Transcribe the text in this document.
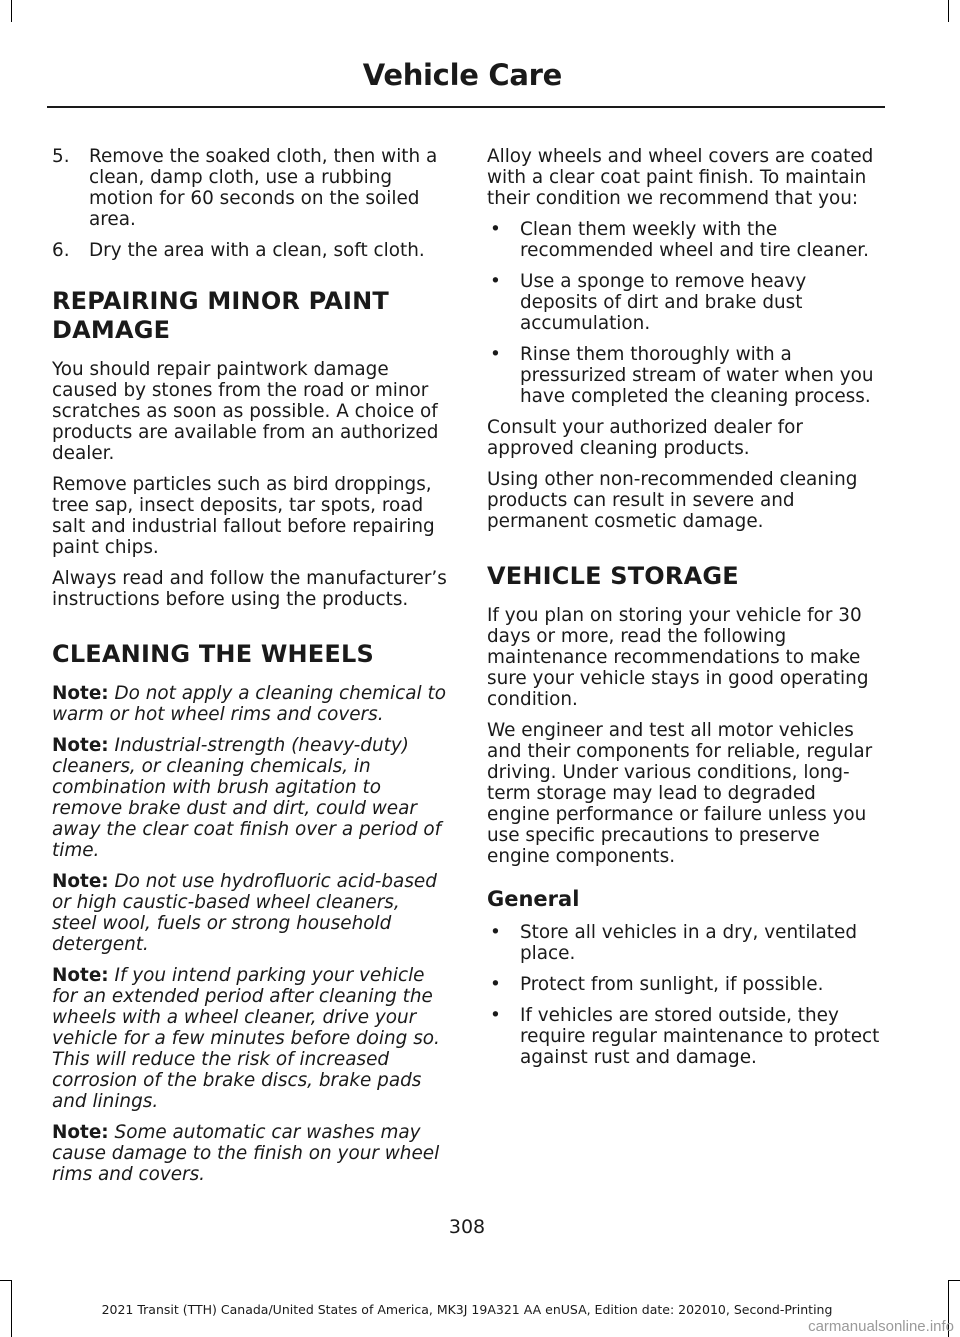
Vehicle Care
5. Remove the soaked cloth, then with a clean, damp cloth, use a rubbing motion for 60 seconds on the soiled area.
6. Dry the area with a clean, soft cloth.
REPAIRING MINOR PAINT
DAMAGE

You should repair paintwork damage caused by stones from the road or minor scratches as soon as possible. A choice of products are available from an authorized dealer.

Remove particles such as bird droppings, tree sap, insect deposits, tar spots, road salt and industrial fallout before repairing paint chips.

Always read and follow the manufacturer’s instructions before using the products.

CLEANING THE WHEELS

Note: Do not apply a cleaning chemical to warm or hot wheel rims and covers.

Note: Industrial-strength (heavy-duty) cleaners, or cleaning chemicals, in combination with brush agitation to remove brake dust and dirt, could wear away the clear coat finish over a period of time.

Note: Do not use hydrofluoric acid-based or high caustic-based wheel cleaners, steel wool, fuels or strong household detergent.

Note: If you intend parking your vehicle for an extended period after cleaning the wheels with a wheel cleaner, drive your vehicle for a few minutes before doing so. This will reduce the risk of increased corrosion of the brake discs, brake pads and linings.

Note: Some automatic car washes may cause damage to the finish on your wheel rims and covers.

Alloy wheels and wheel covers are coated with a clear coat paint finish. To maintain their condition we recommend that you:

• Clean them weekly with the recommended wheel and tire cleaner.
• Use a sponge to remove heavy deposits of dirt and brake dust accumulation.
• Rinse them thoroughly with a pressurized stream of water when you have completed the cleaning process.

Consult your authorized dealer for approved cleaning products.

Using other non-recommended cleaning products can result in severe and permanent cosmetic damage.

VEHICLE STORAGE

If you plan on storing your vehicle for 30 days or more, read the following maintenance recommendations to make sure your vehicle stays in good operating condition.

We engineer and test all motor vehicles and their components for reliable, regular driving. Under various conditions, long-term storage may lead to degraded engine performance or failure unless you use specific precautions to preserve engine components.

General
• Store all vehicles in a dry, ventilated place.
• Protect from sunlight, if possible.
• If vehicles are stored outside, they require regular maintenance to protect against rust and damage.
308
2021 Transit (TTH) Canada/United States of America, MK3J 19A321 AA enUSA, Edition date: 202010, Second-Printing
carmanualsonline.info
